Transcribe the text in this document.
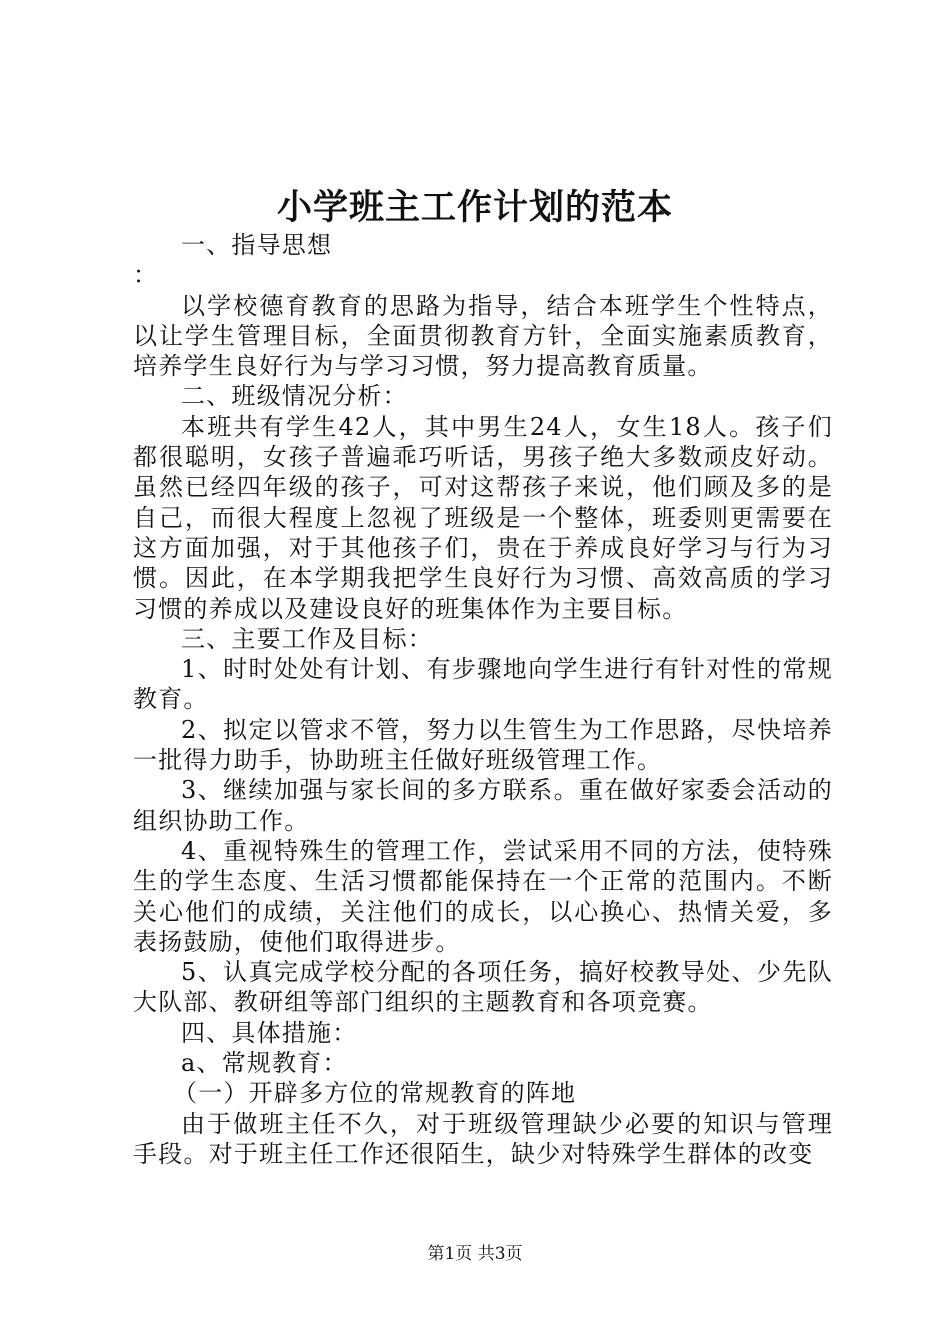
小学班主工作计划的范本

一、指导思想

：

以学校德育教育的思路为指导，结合本班学生个性特点，以让学生管理目标，全面贯彻教育方针，全面实施素质教育，培养学生良好行为与学习习惯，努力提高教育质量。

二、班级情况分析：

本班共有学生42人，其中男生24人，女生18人。孩子们都很聪明，女孩子普遍乖巧听话，男孩子绝大多数顽皮好动。虽然已经四年级的孩子，可对这帮孩子来说，他们顾及多的是自己，而很大程度上忽视了班级是一个整体，班委则更需要在这方面加强，对于其他孩子们，贵在于养成良好学习与行为习惯。因此，在本学期我把学生良好行为习惯、高效高质的学习习惯的养成以及建设良好的班集体作为主要目标。

三、主要工作及目标：

1、时时处处有计划、有步骤地向学生进行有针对性的常规教育。

2、拟定以管求不管，努力以生管生为工作思路，尽快培养一批得力助手，协助班主任做好班级管理工作。

3、继续加强与家长间的多方联系。重在做好家委会活动的组织协助工作。

4、重视特殊生的管理工作，尝试采用不同的方法，使特殊生的学生态度、生活习惯都能保持在一个正常的范围内。不断关心他们的成绩，关注他们的成长，以心换心、热情关爱，多表扬鼓励，使他们取得进步。

5、认真完成学校分配的各项任务，搞好校教导处、少先队大队部、教研组等部门组织的主题教育和各项竞赛。

四、具体措施：

a、常规教育：

（一）开辟多方位的常规教育的阵地

由于做班主任不久，对于班级管理缺少必要的知识与管理手段。对于班主任工作还很陌生，缺少对特殊学生群体的改变

第1页 共3页
